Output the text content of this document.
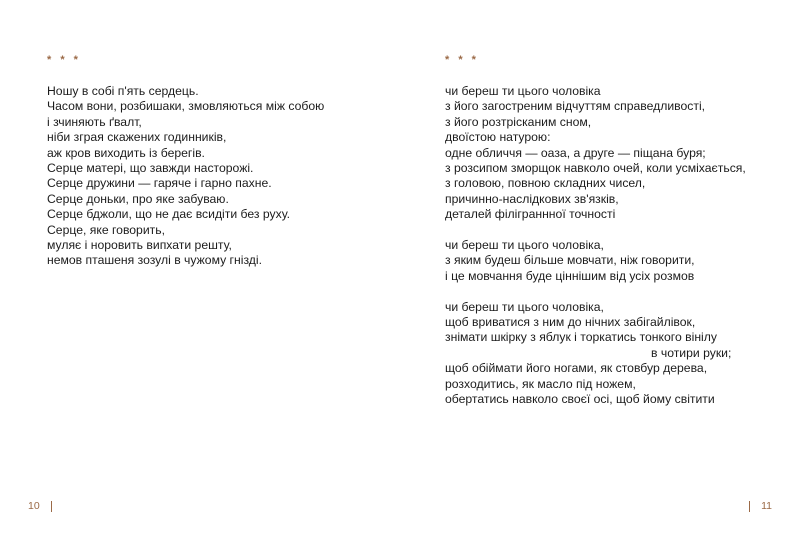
* * *
Ношу в собі п'ять сердець.
Часом вони, розбишаки, змовляються між собою
і зчиняють ґвалт,
ніби зграя скажених годинників,
аж кров виходить із берегів.
Серце матері, що завжди насторожі.
Серце дружини — гаряче і гарно пахне.
Серце доньки, про яке забуваю.
Серце бджоли, що не дає всидіти без руху.
Серце, яке говорить,
муляє і норовить випхати решту,
немов пташеня зозулі в чужому гнізді.
10
* * *
чи береш ти цього чоловіка
з його загостреним відчуттям справедливості,
з його розтрісканим сном,
двоїстою натурою:
одне обличчя — оаза, а друге — піщана буря;
з розсипом зморщок навколо очей, коли усміхається,
з головою, повною складних чисел,
причинно-наслідкових зв'язків,
деталей філіграннної точності
чи береш ти цього чоловіка,
з яким будеш більше мовчати, ніж говорити,
і це мовчання буде ціннішим від усіх розмов
чи береш ти цього чоловіка,
щоб вриватися з ним до нічних забігайлівок,
знімати шкірку з яблук і торкатись тонкого вінілу
в чотири руки;
щоб обіймати його ногами, як стовбур дерева,
розходитись, як масло під ножем,
обертатись навколо своєї осі, щоб йому світити
11
